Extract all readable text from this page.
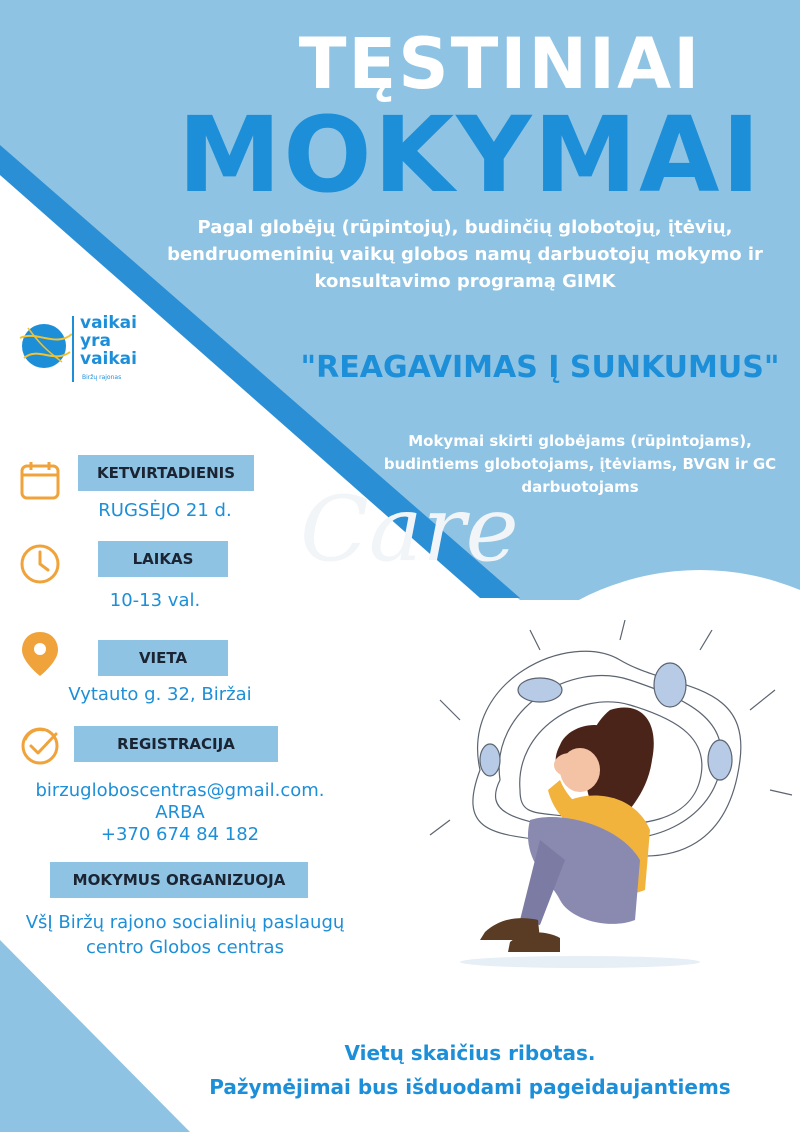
Care
TĘSTINIAI
MOKYMAI
Pagal globėjų (rūpintojų), budinčių globotojų, įtėvių, bendruomeninių vaikų globos namų darbuotojų mokymo ir konsultavimo programą GIMK
vaikai
yra
vaikai
Biržų rajonas	"REAGAVIMAS Į SUNKUMUS"
Mokymai skirti globėjams (rūpintojams), budintiems globotojams, įtėviams, BVGN ir GC darbuotojams
KETVIRTADIENIS
RUGSĖJO 21 d.
LAIKAS
10-13 val.
VIETA
Vytauto g. 32, Biržai
REGISTRACIJA
birzugloboscentras@gmail.com.
ARBA
+370 674 84 182
MOKYMUS ORGANIZUOJA
VšĮ Biržų rajono socialinių paslaugų centro Globos centras
Vietų skaičius ribotas.
Pažymėjimai bus išduodami pageidaujantiems
